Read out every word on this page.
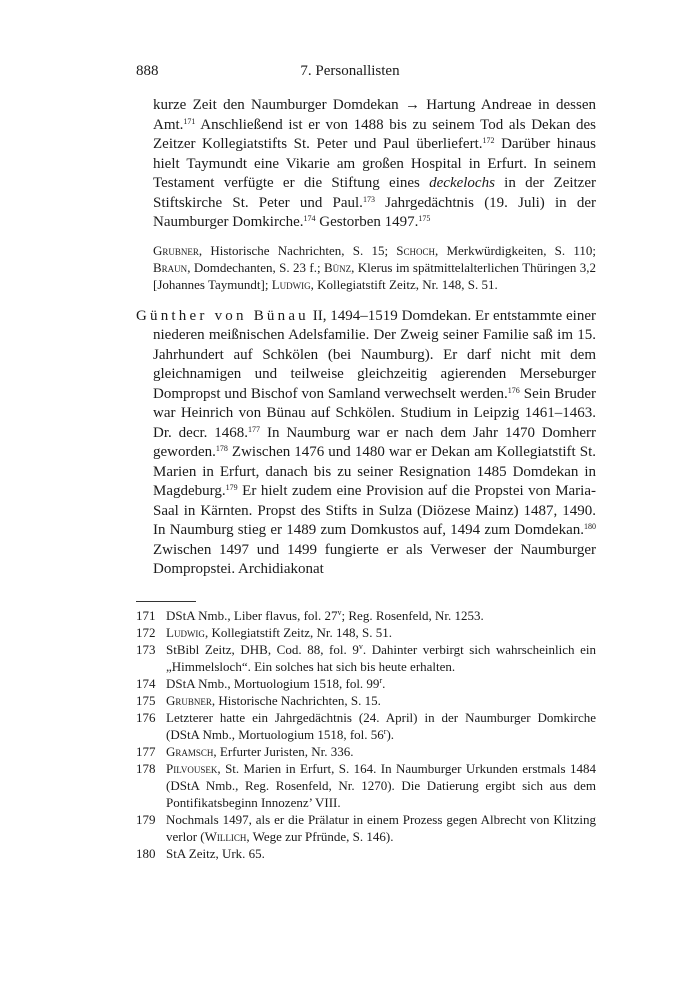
888	7. Personallisten

kurze Zeit den Naumburger Domdekan → Hartung Andreae in dessen Amt.$^{171}$ Anschließend ist er von 1488 bis zu seinem Tod als Dekan des Zeitzer Kollegiatstifts St. Peter und Paul überliefert.$^{172}$ Darüber hinaus hielt Taymundt eine Vikarie am großen Hospital in Erfurt. In seinem Testament verfügte er die Stiftung eines deckelochs in der Zeitzer Stiftskirche St. Peter und Paul.$^{173}$ Jahrgedächtnis (19. Juli) in der Naumburger Domkirche.$^{174}$ Gestorben 1497.$^{175}$

Grubner, Historische Nachrichten, S. 15; Schoch, Merkwürdigkeiten, S. 110; Braun, Domdechanten, S. 23 f.; Bünz, Klerus im spätmittelalterlichen Thüringen 3,2 [Johannes Taymundt]; Ludwig, Kollegiatstift Zeitz, Nr. 148, S. 51.

Günther von Bünau II, 1494–1519 Domdekan. Er entstammte einer niederen meißnischen Adelsfamilie. Der Zweig seiner Familie saß im 15. Jahrhundert auf Schkölen (bei Naumburg). Er darf nicht mit dem gleichnamigen und teilweise gleichzeitig agierenden Merseburger Dompropst und Bischof von Samland verwechselt werden.$^{176}$ Sein Bruder war Heinrich von Bünau auf Schkölen. Studium in Leipzig 1461–1463. Dr. decr. 1468.$^{177}$ In Naumburg war er nach dem Jahr 1470 Domherr geworden.$^{178}$ Zwischen 1476 und 1480 war er Dekan am Kollegiatstift St. Marien in Erfurt, danach bis zu seiner Resignation 1485 Domdekan in Magdeburg.$^{179}$ Er hielt zudem eine Provision auf die Propstei von Maria-Saal in Kärnten. Propst des Stifts in Sulza (Diözese Mainz) 1487, 1490. In Naumburg stieg er 1489 zum Domkustos auf, 1494 zum Domdekan.$^{180}$ Zwischen 1497 und 1499 fungierte er als Verweser der Naumburger Dompropstei. Archidiakonat

171 DStA Nmb., Liber flavus, fol. 27$^v$; Reg. Rosenfeld, Nr. 1253.
172 Ludwig, Kollegiatstift Zeitz, Nr. 148, S. 51.
173 StBibl Zeitz, DHB, Cod. 88, fol. 9$^v$. Dahinter verbirgt sich wahrscheinlich ein „Himmelsloch“. Ein solches hat sich bis heute erhalten.
174 DStA Nmb., Mortuologium 1518, fol. 99$^r$.
175 Grubner, Historische Nachrichten, S. 15.
176 Letzterer hatte ein Jahrgedächtnis (24. April) in der Naumburger Domkirche (DStA Nmb., Mortuologium 1518, fol. 56$^r$).
177 Gramsch, Erfurter Juristen, Nr. 336.
178 Pilvousek, St. Marien in Erfurt, S. 164. In Naumburger Urkunden erstmals 1484 (DStA Nmb., Reg. Rosenfeld, Nr. 1270). Die Datierung ergibt sich aus dem Pontifikatsbeginn Innozenz’ VIII.
179 Nochmals 1497, als er die Prälatur in einem Prozess gegen Albrecht von Klitzing verlor (Willich, Wege zur Pfründe, S. 146).
180 StA Zeitz, Urk. 65.
